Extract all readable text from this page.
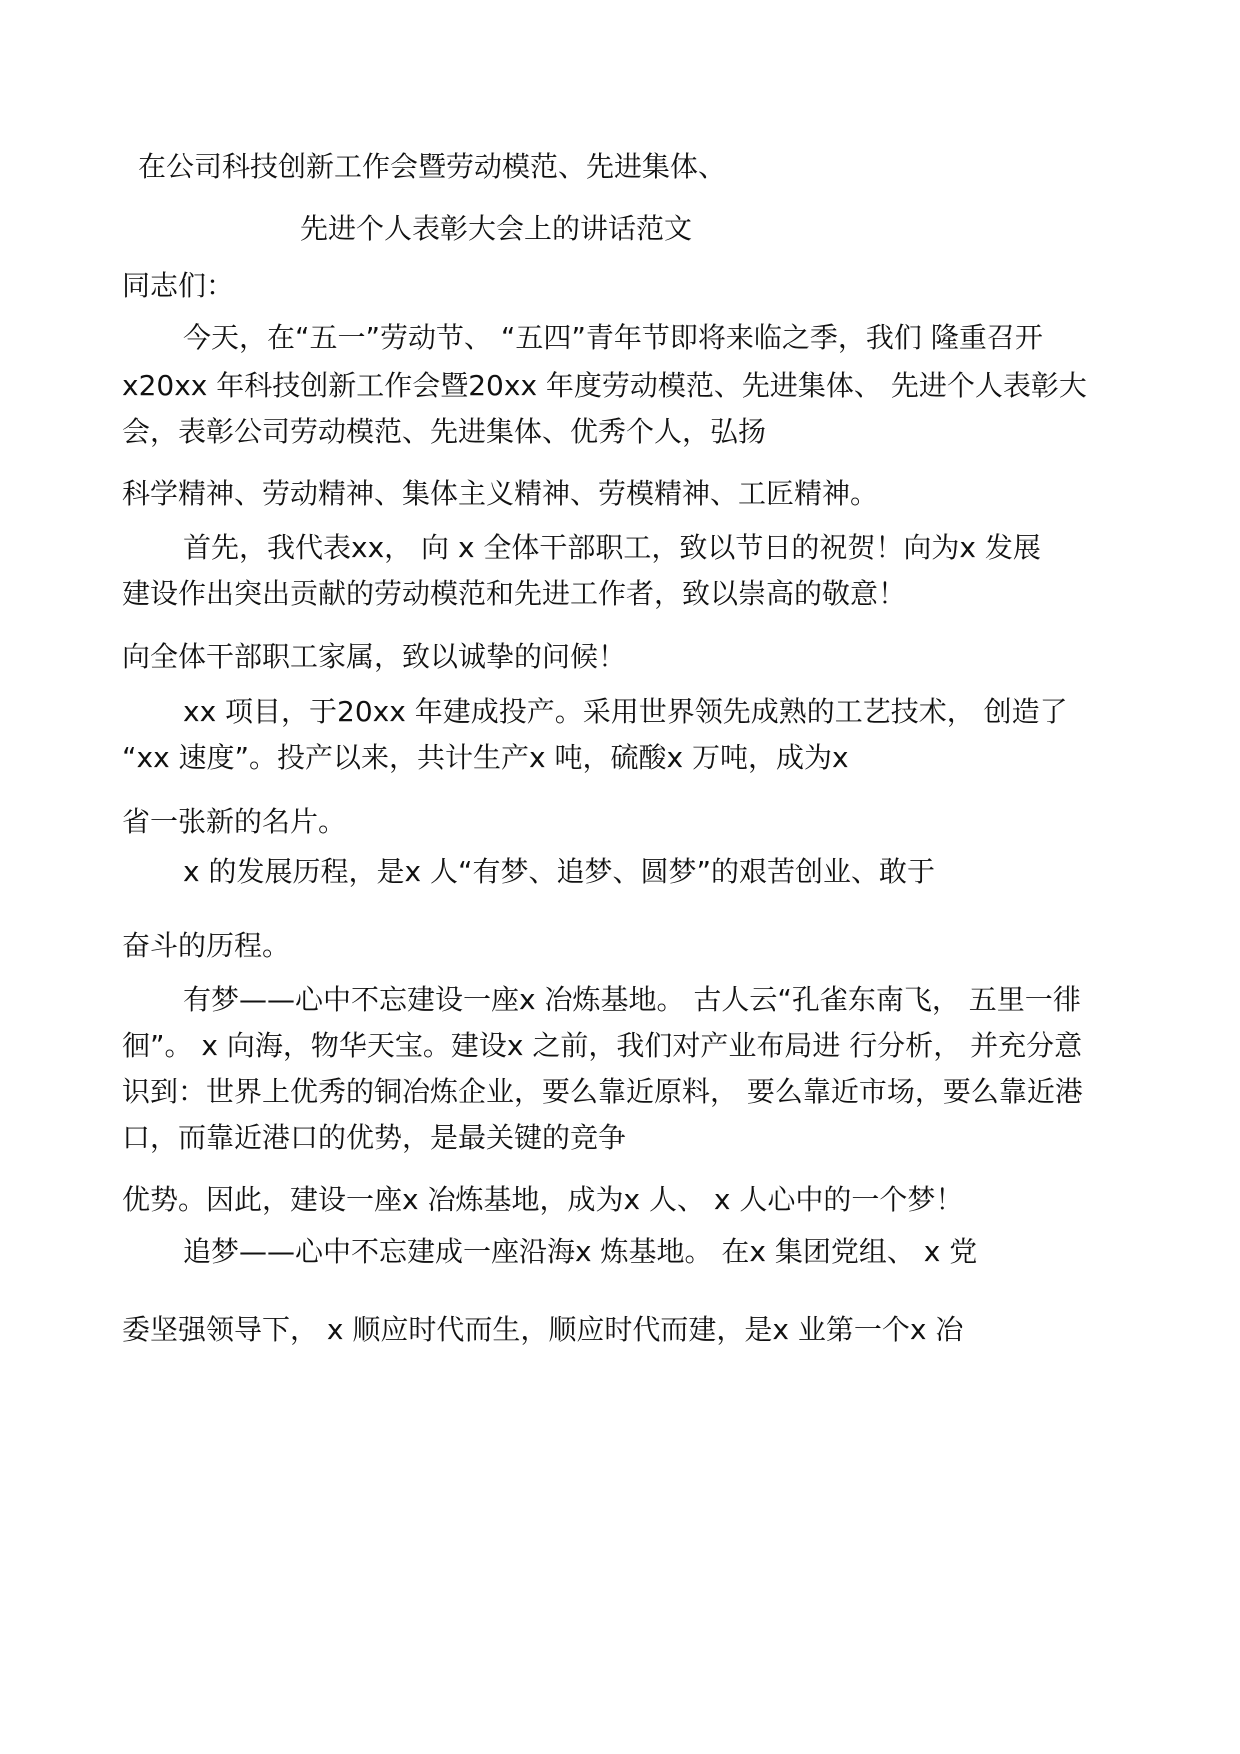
在公司科技创新工作会暨劳动模范、先进集体、

先进个人表彰大会上的讲话范文

同志们：

今天，在“五一”劳动节、 “五四”青年节即将来临之季，我们 隆重召开

x20xx 年科技创新工作会暨20xx 年度劳动模范、先进集体、 先进个人表彰大

会，表彰公司劳动模范、先进集体、优秀个人，弘扬

科学精神、劳动精神、集体主义精神、劳模精神、工匠精神。

首先，我代表xx， 向 x 全体干部职工，致以节日的祝贺！向为x 发展

建设作出突出贡献的劳动模范和先进工作者，致以崇高的敬意！

向全体干部职工家属，致以诚挚的问候！

xx 项目，于20xx 年建成投产。采用世界领先成熟的工艺技术， 创造了

“xx 速度”。投产以来，共计生产x 吨，硫酸x 万吨，成为x

省一张新的名片。

x 的发展历程，是x 人“有梦、追梦、圆梦”的艰苦创业、敢于

奋斗的历程。

有梦——心中不忘建设一座x 冶炼基地。 古人云“孔雀东南飞， 五里一徘

徊”。 x 向海，物华天宝。建设x 之前，我们对产业布局进 行分析， 并充分意

识到：世界上优秀的铜冶炼企业，要么靠近原料， 要么靠近市场，要么靠近港

口，而靠近港口的优势，是最关键的竞争

优势。因此，建设一座x 冶炼基地，成为x 人、 x 人心中的一个梦！

追梦——心中不忘建成一座沿海x 炼基地。 在x 集团党组、 x 党

委坚强领导下， x 顺应时代而生，顺应时代而建，是x 业第一个x 冶
